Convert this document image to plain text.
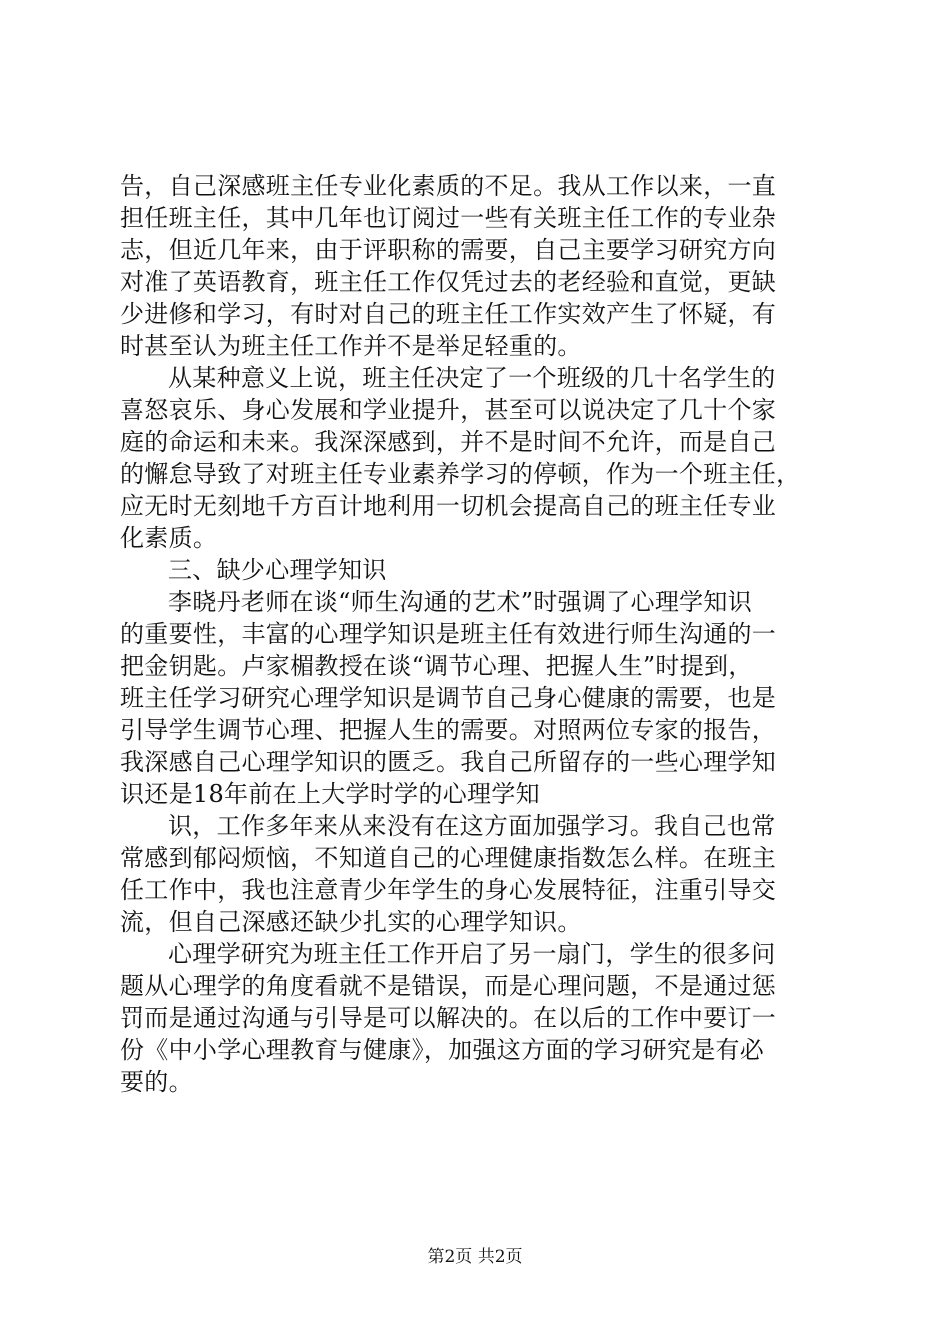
告，自己深感班主任专业化素质的不足。我从工作以来，一直
担任班主任，其中几年也订阅过一些有关班主任工作的专业杂
志，但近几年来，由于评职称的需要，自己主要学习研究方向
对准了英语教育，班主任工作仅凭过去的老经验和直觉，更缺
少进修和学习，有时对自己的班主任工作实效产生了怀疑，有
时甚至认为班主任工作并不是举足轻重的。
从某种意义上说，班主任决定了一个班级的几十名学生的
喜怒哀乐、身心发展和学业提升，甚至可以说决定了几十个家
庭的命运和未来。我深深感到，并不是时间不允许，而是自己
的懈怠导致了对班主任专业素养学习的停顿，作为一个班主任，
应无时无刻地千方百计地利用一切机会提高自己的班主任专业
化素质。
三、缺少心理学知识
李晓丹老师在谈“师生沟通的艺术”时强调了心理学知识
的重要性，丰富的心理学知识是班主任有效进行师生沟通的一
把金钥匙。卢家楣教授在谈“调节心理、把握人生”时提到，
班主任学习研究心理学知识是调节自己身心健康的需要，也是
引导学生调节心理、把握人生的需要。对照两位专家的报告，
我深感自己心理学知识的匮乏。我自己所留存的一些心理学知
识还是18年前在上大学时学的心理学知
识，工作多年来从来没有在这方面加强学习。我自己也常
常感到郁闷烦恼，不知道自己的心理健康指数怎么样。在班主
任工作中，我也注意青少年学生的身心发展特征，注重引导交
流，但自己深感还缺少扎实的心理学知识。
心理学研究为班主任工作开启了另一扇门，学生的很多问
题从心理学的角度看就不是错误，而是心理问题，不是通过惩
罚而是通过沟通与引导是可以解决的。在以后的工作中要订一
份《中小学心理教育与健康》，加强这方面的学习研究是有必
要的。
第2页 共2页
